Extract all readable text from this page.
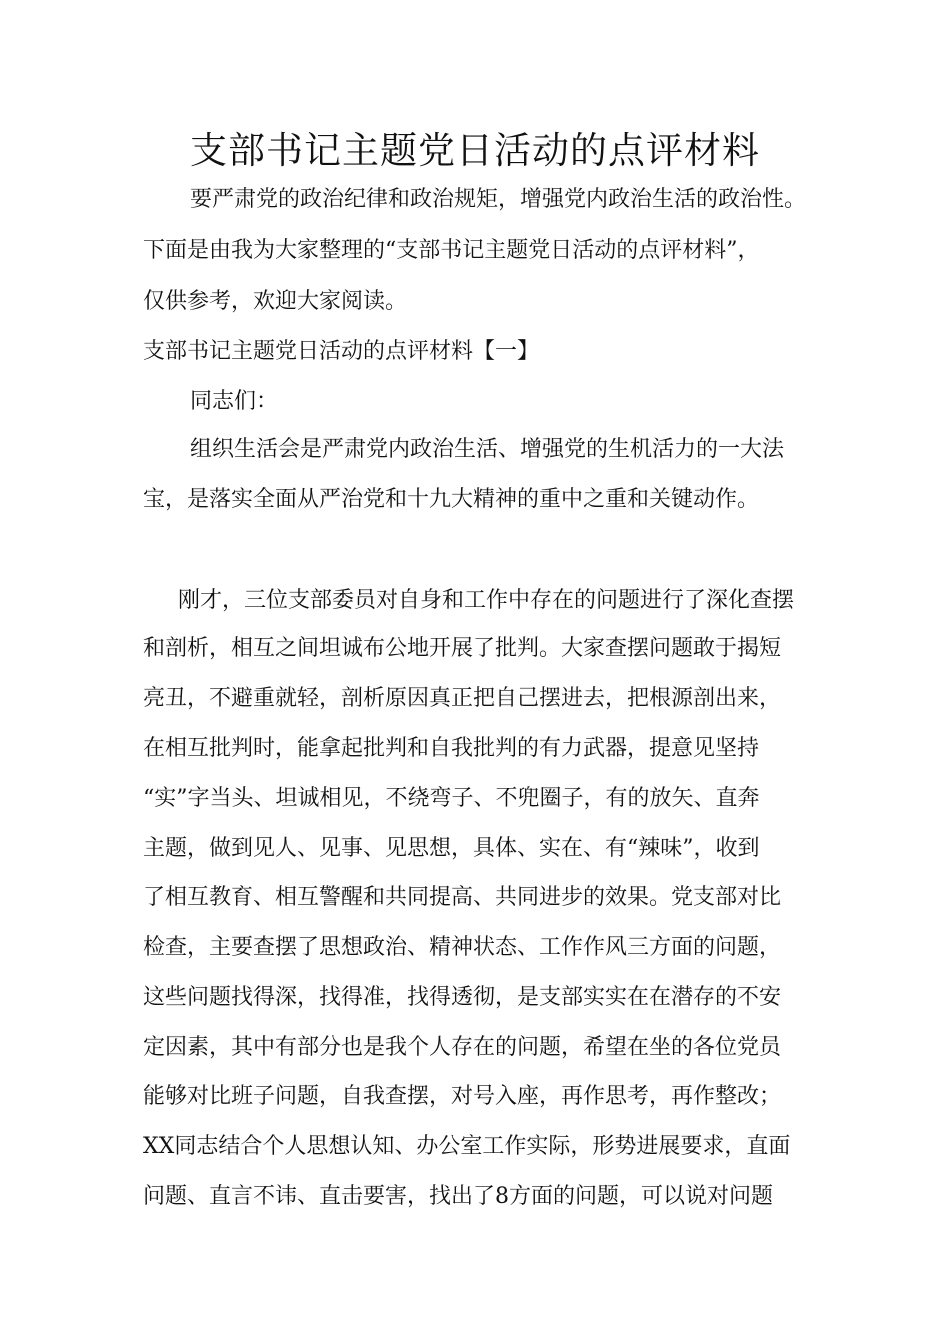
支部书记主题党日活动的点评材料

要严肃党的政治纪律和政治规矩，增强党内政治生活的政治性。

下面是由我为大家整理的“支部书记主题党日活动的点评材料”，

仅供参考，欢迎大家阅读。

支部书记主题党日活动的点评材料【一】

同志们：

组织生活会是严肃党内政治生活、增强党的生机活力的一大法

宝，是落实全面从严治党和十九大精神的重中之重和关键动作。

刚才，三位支部委员对自身和工作中存在的问题进行了深化查摆

和剖析，相互之间坦诚布公地开展了批判。大家查摆问题敢于揭短

亮丑，不避重就轻，剖析原因真正把自己摆进去，把根源剖出来，

在相互批判时，能拿起批判和自我批判的有力武器，提意见坚持

“实”字当头、坦诚相见，不绕弯子、不兜圈子，有的放矢、直奔

主题，做到见人、见事、见思想，具体、实在、有“辣味”，收到

了相互教育、相互警醒和共同提高、共同进步的效果。党支部对比

检查，主要查摆了思想政治、精神状态、工作作风三方面的问题，

这些问题找得深，找得准，找得透彻，是支部实实在在潜存的不安

定因素，其中有部分也是我个人存在的问题，希望在坐的各位党员

能够对比班子问题，自我查摆，对号入座，再作思考，再作整改；

XX同志结合个人思想认知、办公室工作实际，形势进展要求，直面

问题、直言不讳、直击要害，找出了8方面的问题，可以说对问题
